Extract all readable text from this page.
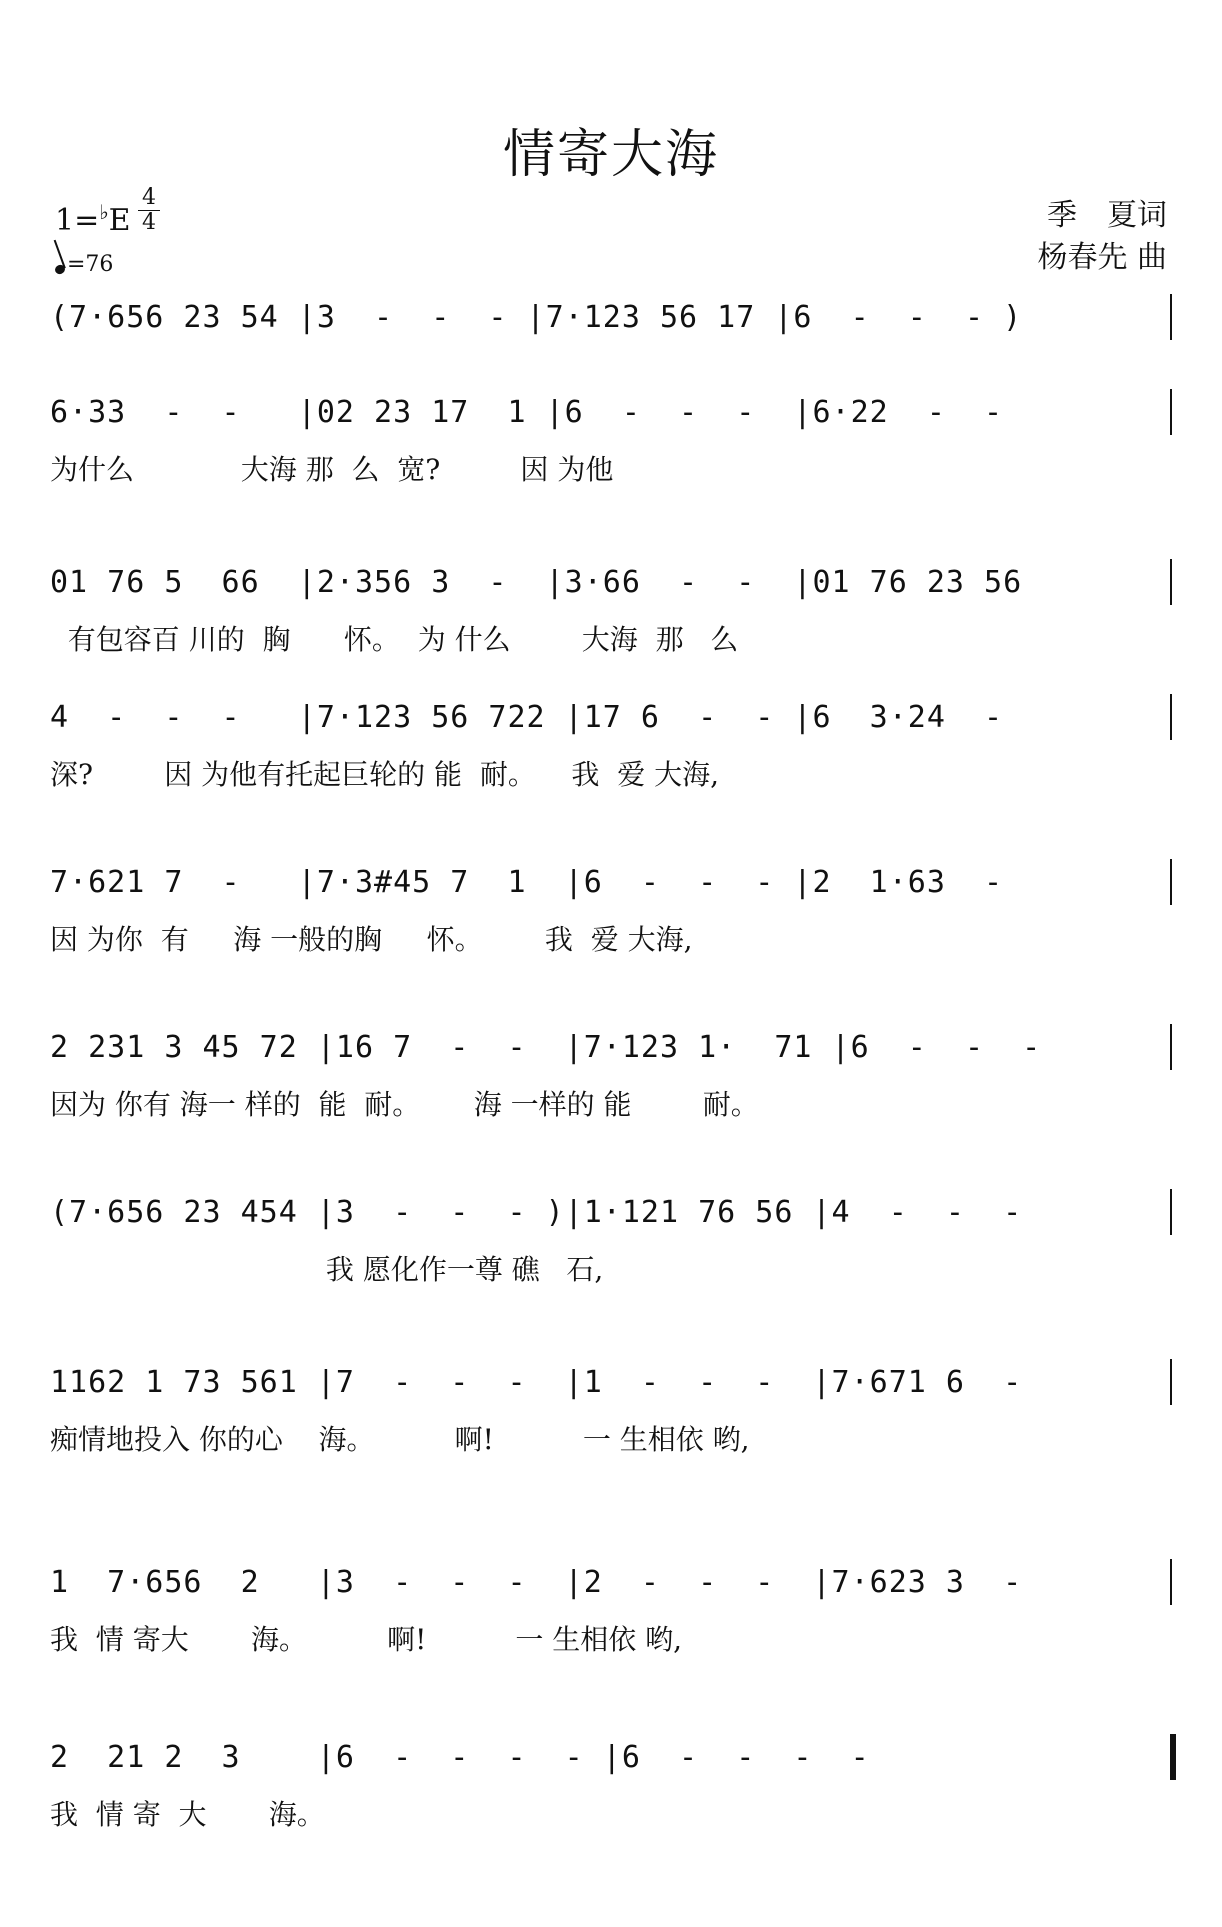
情寄大海
1=♭E
4
4
=76
季　夏词
杨春先 曲
(7·656 23 54 |3  -  -  - |7·123 56 17 |6  -  -  - )
6·33  -  -   |02 23 17  1 |6  -  -  -  |6·22  -  -
为什么            大海 那  么  宽?         因 为他
01 76 5  66  |2·356 3  -  |3·66  -  -  |01 76 23 56
有包容百 川的  胸      怀。  为 什么        大海  那   么
4  -  -  -   |7·123 56 722 |17 6  -  - |6  3·24  -
深?        因 为他有托起巨轮的 能  耐。    我  爱 大海,
7·621 7  -   |7·3#45 7  1  |6  -  -  - |2  1·63  -
因 为你  有     海 一般的胸     怀。       我  爱 大海,
2 231 3 45 72 |16 7  -  -  |7·123 1·  71 |6  -  -  -
因为 你有 海一 样的  能  耐。      海 一样的 能        耐。
(7·656 23 454 |3  -  -  - )|1·121 76 56 |4  -  -  -
我 愿化作一尊 礁   石,
1162 1 73 561 |7  -  -  -  |1  -  -  -  |7·671 6  -
痴情地投入 你的心    海。         啊!          一 生相依 哟,
1  7·656  2   |3  -  -  -  |2  -  -  -  |7·623 3  -
我  情 寄大       海。         啊!          一 生相依 哟,
2  21 2  3    |6  -  -  -  - |6  -  -  -  -
我  情 寄  大       海。
